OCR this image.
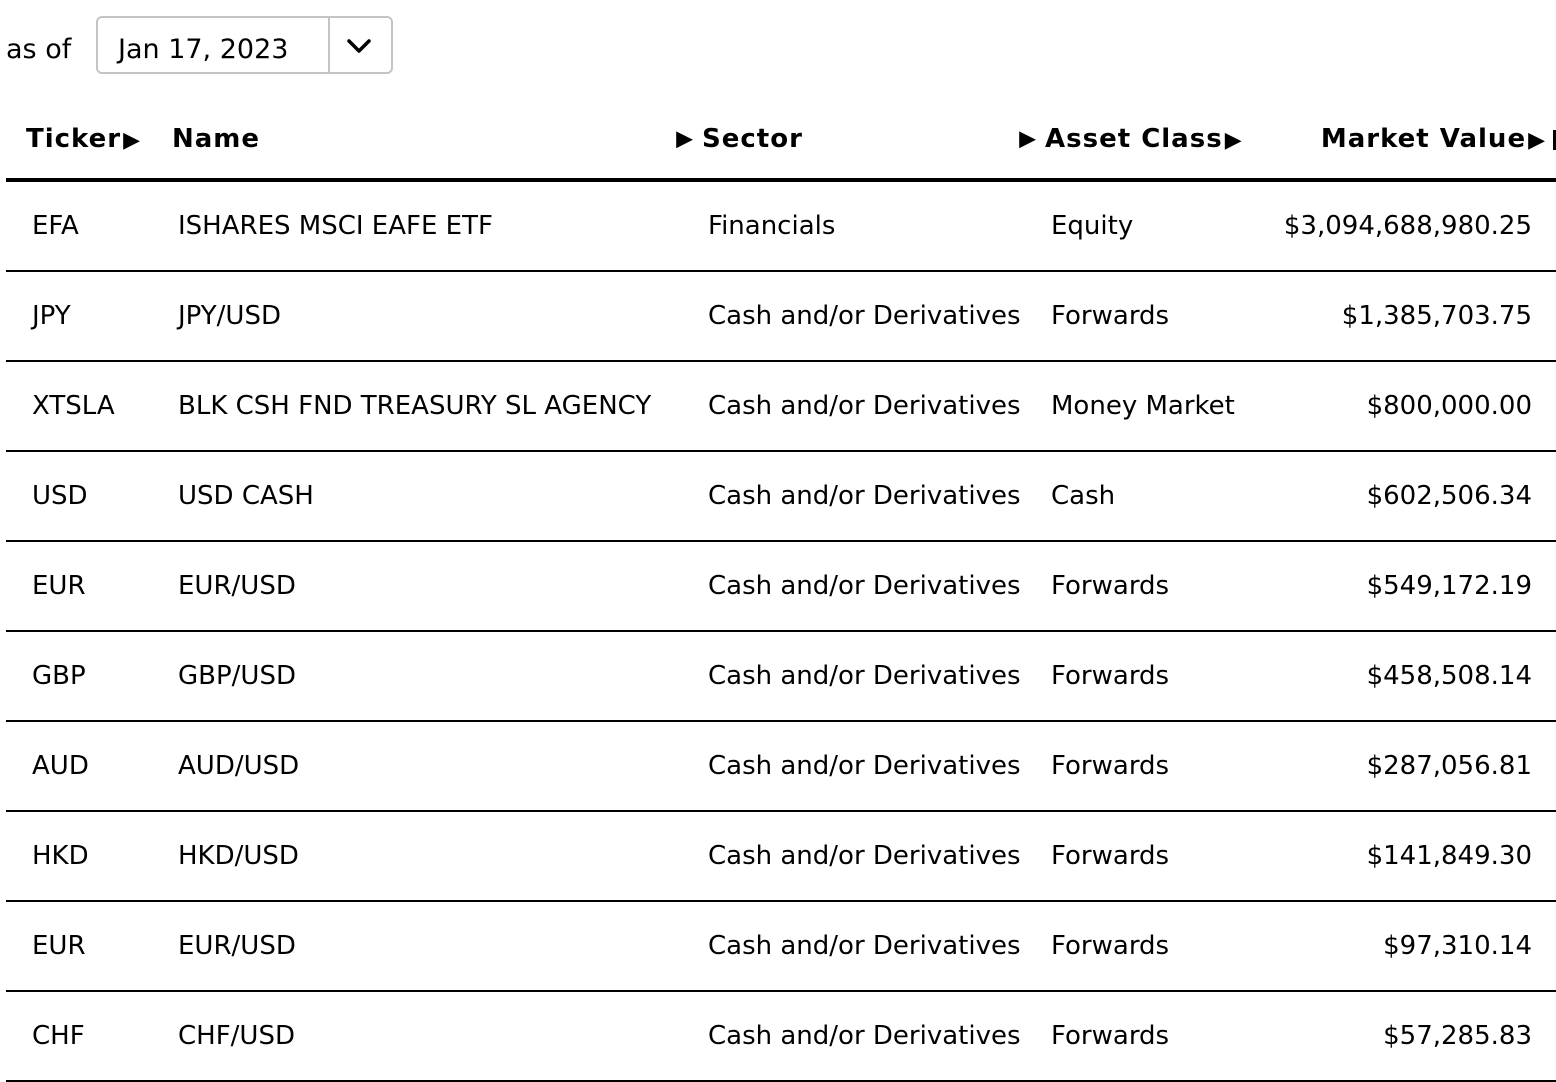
as of Jan 17, 2023
Ticker▶	Name ▶	Sector ▶	Asset Class▶	Market Value▶
EFA	ISHARES MSCI EAFE ETF	Financials	Equity	$3,094,688,980.25
JPY	JPY/USD	Cash and/or Derivatives	Forwards	$1,385,703.75
XTSLA	BLK CSH FND TREASURY SL AGENCY	Cash and/or Derivatives	Money Market	$800,000.00
USD	USD CASH	Cash and/or Derivatives	Cash	$602,506.34
EUR	EUR/USD	Cash and/or Derivatives	Forwards	$549,172.19
GBP	GBP/USD	Cash and/or Derivatives	Forwards	$458,508.14
AUD	AUD/USD	Cash and/or Derivatives	Forwards	$287,056.81
HKD	HKD/USD	Cash and/or Derivatives	Forwards	$141,849.30
EUR	EUR/USD	Cash and/or Derivatives	Forwards	$97,310.14
CHF	CHF/USD	Cash and/or Derivatives	Forwards	$57,285.83
